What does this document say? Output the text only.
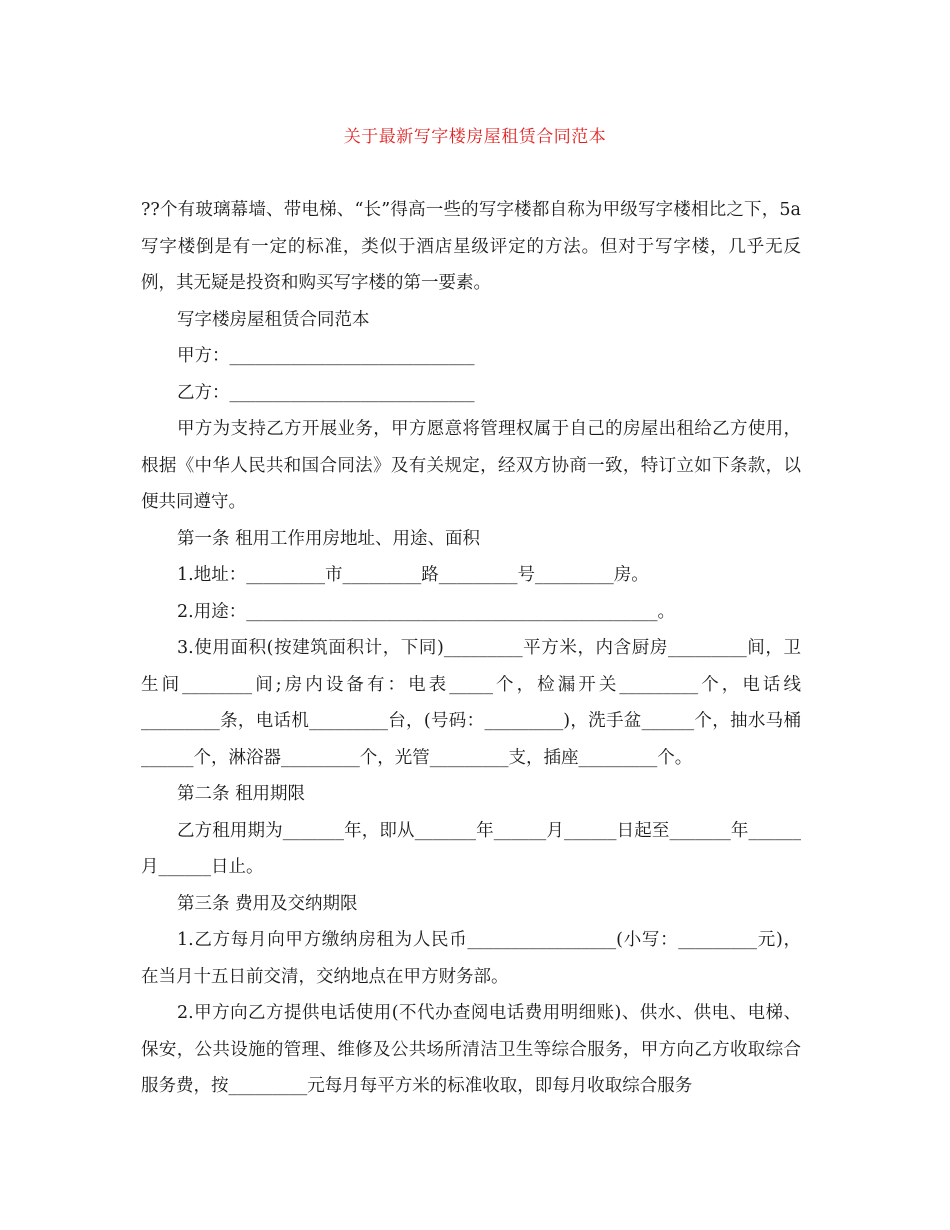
关于最新写字楼房屋租赁合同范本

??个有玻璃幕墙、带电梯、“长”得高一些的写字楼都自称为甲级写字楼相比之下，5a写字楼倒是有一定的标准，类似于酒店星级评定的方法。但对于写字楼，几乎无反例，其无疑是投资和购买写字楼的第一要素。

写字楼房屋租赁合同范本

甲方：____________________________

乙方：____________________________

甲方为支持乙方开展业务，甲方愿意将管理权属于自己的房屋出租给乙方使用，根据《中华人民共和国合同法》及有关规定，经双方协商一致，特订立如下条款，以便共同遵守。

第一条 租用工作用房地址、用途、面积

1.地址：_________市_________路_________号_________房。

2.用途：_______________________________________________。

3.使用面积(按建筑面积计，下同)_________平方米，内含厨房_________间，卫生间________间;房内设备有：电表_____个，检漏开关_________个，电话线_________条，电话机_________台，(号码：_________)，洗手盆______个，抽水马桶______个，淋浴器_________个，光管_________支，插座_________个。

第二条 租用期限

乙方租用期为_______年，即从_______年______月______日起至_______年______月______日止。

第三条 费用及交纳期限

1.乙方每月向甲方缴纳房租为人民币_________________(小写：_________元)，在当月十五日前交清，交纳地点在甲方财务部。

2.甲方向乙方提供电话使用(不代办查阅电话费用明细账)、供水、供电、电梯、保安，公共设施的管理、维修及公共场所清洁卫生等综合服务，甲方向乙方收取综合服务费，按_________元每月每平方米的标准收取，即每月收取综合服务
